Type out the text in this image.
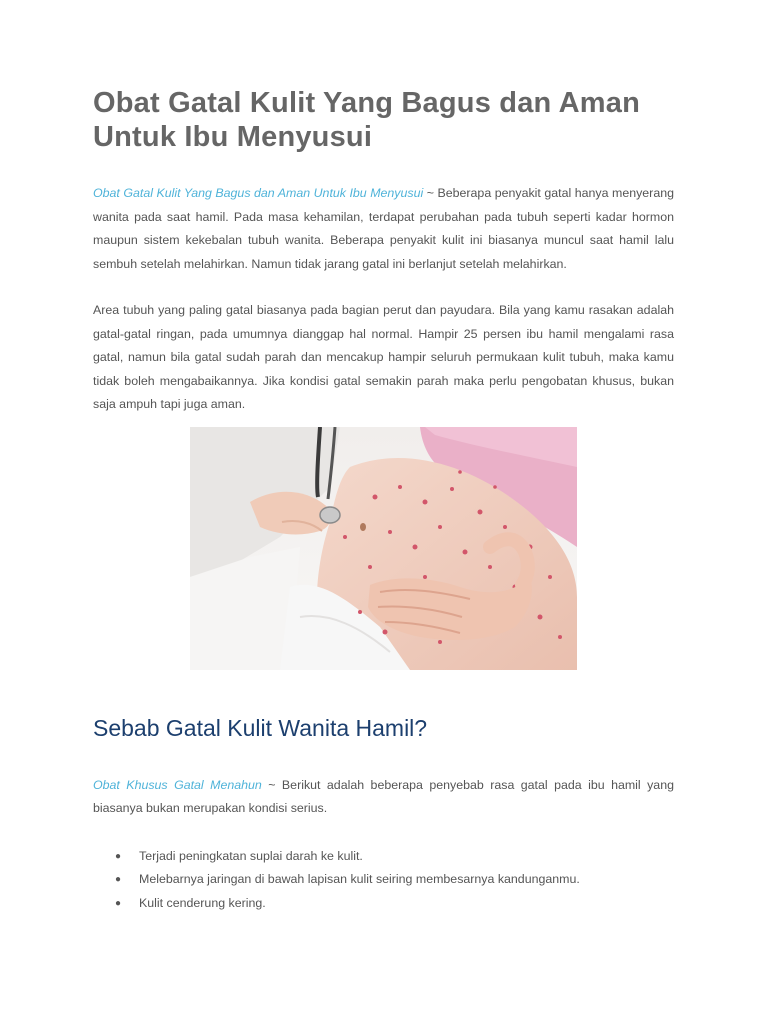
Obat Gatal Kulit Yang Bagus dan Aman Untuk Ibu Menyusui

Obat Gatal Kulit Yang Bagus dan Aman Untuk Ibu Menyusui ~ Beberapa penyakit gatal hanya menyerang wanita pada saat hamil. Pada masa kehamilan, terdapat perubahan pada tubuh seperti kadar hormon maupun sistem kekebalan tubuh wanita. Beberapa penyakit kulit ini biasanya muncul saat hamil lalu sembuh setelah melahirkan. Namun tidak jarang gatal ini berlanjut setelah melahirkan.

Area tubuh yang paling gatal biasanya pada bagian perut dan payudara. Bila yang kamu rasakan adalah gatal-gatal ringan, pada umumnya dianggap hal normal. Hampir 25 persen ibu hamil mengalami rasa gatal, namun bila gatal sudah parah dan mencakup hampir seluruh permukaan kulit tubuh, maka kamu tidak boleh mengabaikannya. Jika kondisi gatal semakin parah maka perlu pengobatan khusus, bukan saja ampuh tapi juga aman.

Sebab Gatal Kulit Wanita Hamil?

Obat Khusus Gatal Menahun ~ Berikut adalah beberapa penyebab rasa gatal pada ibu hamil yang biasanya bukan merupakan kondisi serius.

● Terjadi peningkatan suplai darah ke kulit.
● Melebarnya jaringan di bawah lapisan kulit seiring membesarnya kandunganmu.
● Kulit cenderung kering.
